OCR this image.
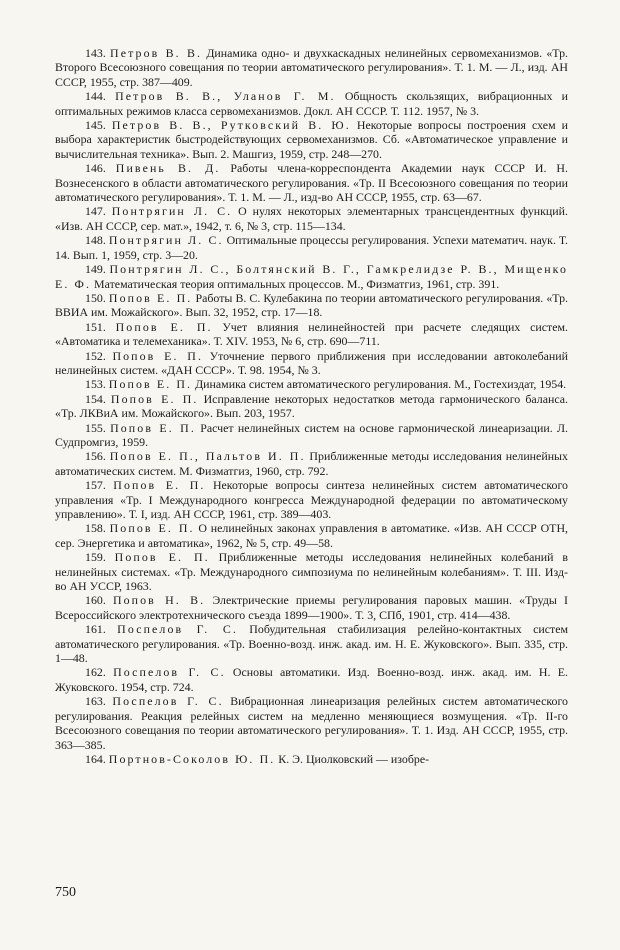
143. Петров В. В. Динамика одно- и двухкаскадных нелинейных сервомеханизмов. «Тр. Второго Всесоюзного совещания по теории автоматического регулирования». Т. 1. М. — Л., изд. АН СССР, 1955, стр. 387—409.

144. Петров В. В., Уланов Г. М. Общность скользящих, вибрационных и оптимальных режимов класса сервомеханизмов. Докл. АН СССР. Т. 112. 1957, № 3.

145. Петров В. В., Рутковский В. Ю. Некоторые вопросы построения схем и выбора характеристик быстродействующих сервомеханизмов. Сб. «Автоматическое управление и вычислительная техника». Вып. 2. Машгиз, 1959, стр. 248—270.

146. Пивень В. Д. Работы члена-корреспондента Академии наук СССР И. Н. Вознесенского в области автоматического регулирования. «Тр. II Всесоюзного совещания по теории автоматического регулирования». Т. 1. М. — Л., изд-во АН СССР, 1955, стр. 63—67.

147. Понтрягин Л. С. О нулях некоторых элементарных трансцендентных функций. «Изв. АН СССР, сер. мат.», 1942, т. 6, № 3, стр. 115—134.

148. Понтрягин Л. С. Оптимальные процессы регулирования. Успехи математич. наук. Т. 14. Вып. 1, 1959, стр. 3—20.

149. Понтрягин Л. С., Болтянский В. Г., Гамкрелидзе Р. В., Мищенко Е. Ф. Математическая теория оптимальных процессов. М., Физматгиз, 1961, стр. 391.

150. Попов Е. П. Работы В. С. Кулебакина по теории автоматического регулирования. «Тр. ВВИА им. Можайского». Вып. 32, 1952, стр. 17—18.

151. Попов Е. П. Учет влияния нелинейностей при расчете следящих систем. «Автоматика и телемеханика». Т. XIV. 1953, № 6, стр. 690—711.

152. Попов Е. П. Уточнение первого приближения при исследовании автоколебаний нелинейных систем. «ДАН СССР». Т. 98. 1954, № 3.

153. Попов Е. П. Динамика систем автоматического регулирования. М., Гостехиздат, 1954.

154. Попов Е. П. Исправление некоторых недостатков метода гармонического баланса. «Тр. ЛКВиА им. Можайского». Вып. 203, 1957.

155. Попов Е. П. Расчет нелинейных систем на основе гармонической линеаризации. Л. Судпромгиз, 1959.

156. Попов Е. П., Пальтов И. П. Приближенные методы исследования нелинейных автоматических систем. М. Физматгиз, 1960, стр. 792.

157. Попов Е. П. Некоторые вопросы синтеза нелинейных систем автоматического управления «Тр. I Международного конгресса Международной федерации по автоматическому управлению». Т. I, изд. АН СССР, 1961, стр. 389—403.

158. Попов Е. П. О нелинейных законах управления в автоматике. «Изв. АН СССР ОТН, сер. Энергетика и автоматика», 1962, № 5, стр. 49—58.

159. Попов Е. П. Приближенные методы исследования нелинейных колебаний в нелинейных системах. «Тр. Международного симпозиума по нелинейным колебаниям». Т. III. Изд-во АН УССР, 1963.

160. Попов Н. В. Электрические приемы регулирования паровых машин. «Труды I Всероссийского электротехнического съезда 1899—1900». Т. 3, СПб, 1901, стр. 414—438.

161. Поспелов Г. С. Побудительная стабилизация релейно-контактных систем автоматического регулирования. «Тр. Военно-возд. инж. акад. им. Н. Е. Жуковского». Вып. 335, стр. 1—48.

162. Поспелов Г. С. Основы автоматики. Изд. Военно-возд. инж. акад. им. Н. Е. Жуковского. 1954, стр. 724.

163. Поспелов Г. С. Вибрационная линеаризация релейных систем автоматического регулирования. Реакция релейных систем на медленно меняющиеся возмущения. «Тр. II-го Всесоюзного совещания по теории автоматического регулирования». Т. 1. Изд. АН СССР, 1955, стр. 363—385.

164. Портнов-Соколов Ю. П. К. Э. Циолковский — изобре-

750
